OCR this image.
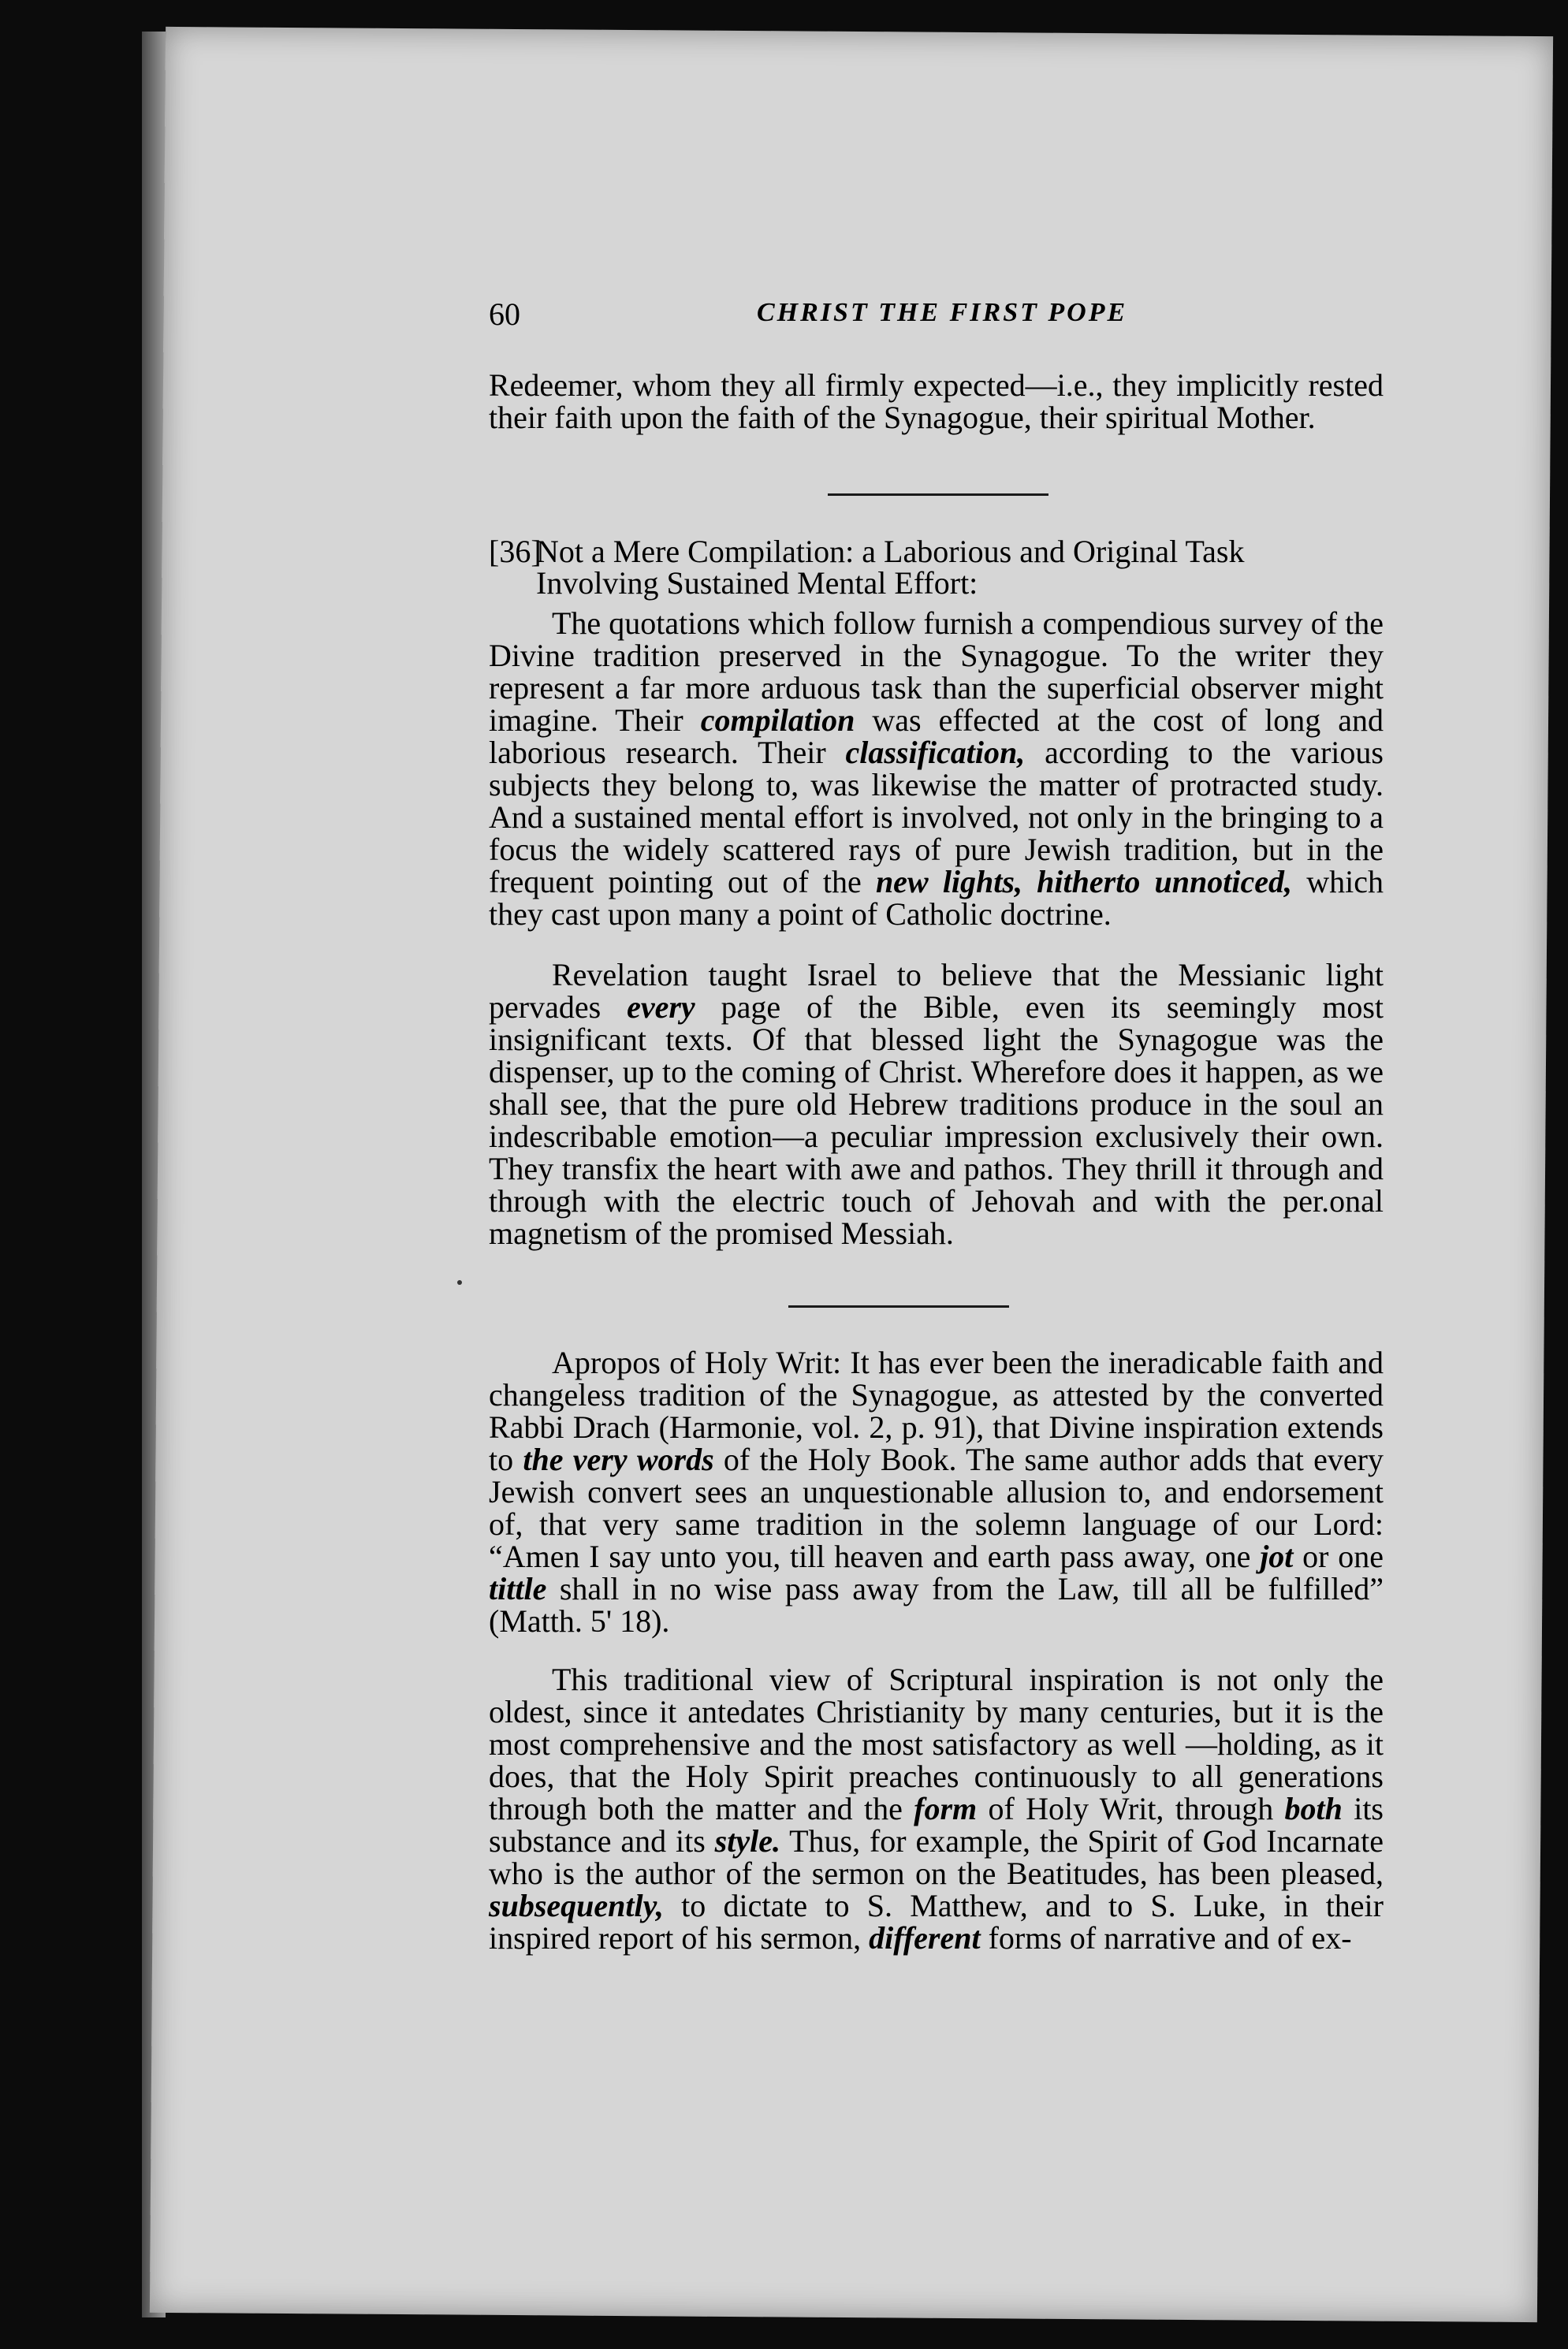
60	CHRIST THE FIRST POPE

Redeemer, whom they all firmly expected—i.e., they implicitly rested their faith upon the faith of the Synagogue, their spiritual Mother.

[36]Not a Mere Compilation: a Laborious and Original Task
Involving Sustained Mental Effort:

The quotations which follow furnish a compendious survey of the Divine tradition preserved in the Synagogue. To the writer they represent a far more arduous task than the superficial observer might imagine. Their compilation was effected at the cost of long and laborious research. Their classification, according to the various subjects they belong to, was likewise the matter of protracted study. And a sustained mental effort is involved, not only in the bringing to a focus the widely scattered rays of pure Jewish tradition, but in the frequent pointing out of the new lights, hitherto unnoticed, which they cast upon many a point of Catholic doctrine.

Revelation taught Israel to believe that the Messianic light pervades every page of the Bible, even its seemingly most insignificant texts. Of that blessed light the Synagogue was the dispenser, up to the coming of Christ. Wherefore does it happen, as we shall see, that the pure old Hebrew traditions produce in the soul an indescribable emotion—a peculiar impression exclusively their own. They transfix the heart with awe and pathos. They thrill it through and through with the electric touch of Jehovah and with the per.onal magnetism of the promised Messiah.

Apropos of Holy Writ: It has ever been the ineradicable faith and changeless tradition of the Synagogue, as attested by the converted Rabbi Drach (Harmonie, vol. 2, p. 91), that Divine inspiration extends to the very words of the Holy Book. The same author adds that every Jewish convert sees an unquestionable allusion to, and endorsement of, that very same tradition in the solemn language of our Lord: “Amen I say unto you, till heaven and earth pass away, one jot or one tittle shall in no wise pass away from the Law, till all be fulfilled” (Matth. 5' 18).

This traditional view of Scriptural inspiration is not only the oldest, since it antedates Christianity by many centuries, but it is the most comprehensive and the most satisfactory as well —holding, as it does, that the Holy Spirit preaches continuously to all generations through both the matter and the form of Holy Writ, through both its substance and its style. Thus, for example, the Spirit of God Incarnate who is the author of the sermon on the Beatitudes, has been pleased, subsequently, to dictate to S. Matthew, and to S. Luke, in their inspired report of his sermon, different forms of narrative and of ex-
